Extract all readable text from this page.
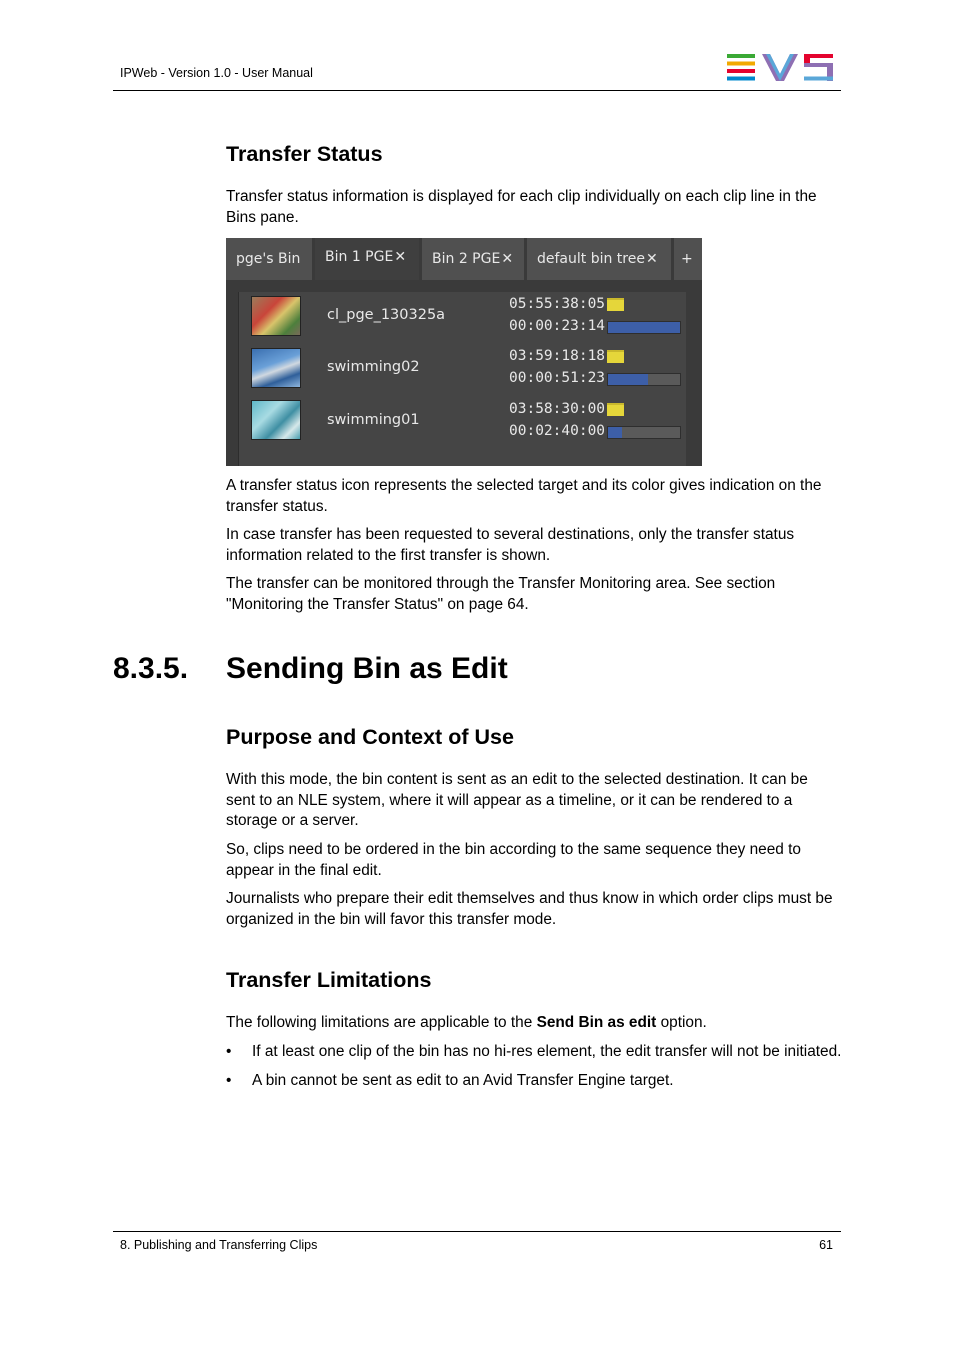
IPWeb - Version 1.0 - User Manual
Transfer Status
Transfer status information is displayed for each clip individually on each clip line in the
Bins pane.
pge's Bin	Bin 1 PGE✕	Bin 2 PGE✕	default bin tree✕	+
cl_pge_130325a
05:55:38:05
00:00:23:14
swimming02
03:59:18:18
00:00:51:23
swimming01
03:58:30:00
00:02:40:00
A transfer status icon represents the selected target and its color gives indication on the
transfer status.
In case transfer has been requested to several destinations, only the transfer status
information related to the first transfer is shown.
The transfer can be monitored through the Transfer Monitoring area. See section
"Monitoring the Transfer Status" on page 64.
8.3.5. Sending Bin as Edit
Purpose and Context of Use
With this mode, the bin content is sent as an edit to the selected destination. It can be
sent to an NLE system, where it will appear as a timeline, or it can be rendered to a
storage or a server.
So, clips need to be ordered in the bin according to the same sequence they need to
appear in the final edit.
Journalists who prepare their edit themselves and thus know in which order clips must be
organized in the bin will favor this transfer mode.
Transfer Limitations
The following limitations are applicable to the Send Bin as edit option.
• If at least one clip of the bin has no hi-res element, the edit transfer will not be initiated.
• A bin cannot be sent as edit to an Avid Transfer Engine target.
8. Publishing and Transferring Clips	61
